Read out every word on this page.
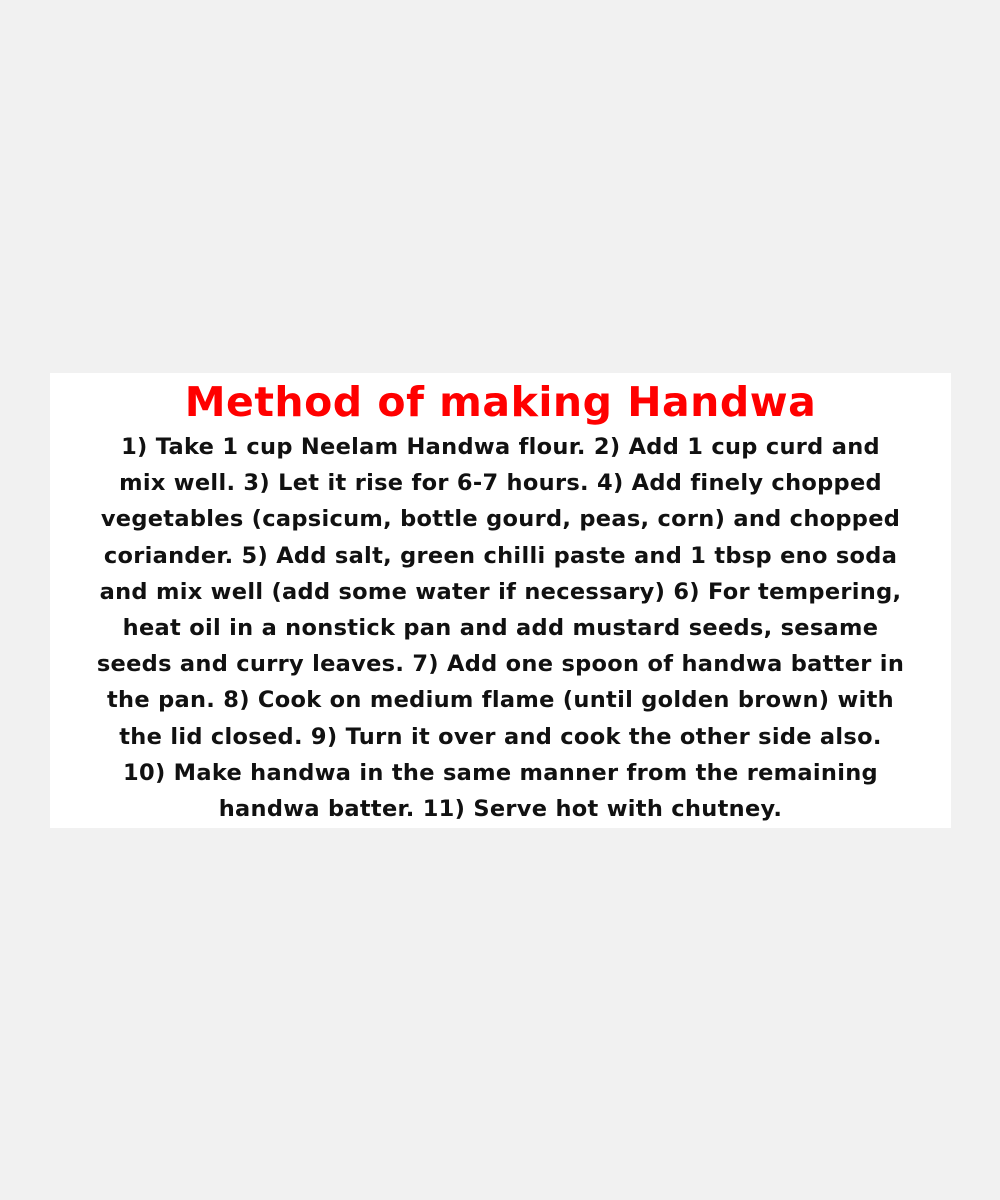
Method of making Handwa
1) Take 1 cup Neelam Handwa flour. 2) Add 1 cup curd and
mix well. 3) Let it rise for 6-7 hours. 4) Add finely chopped
vegetables (capsicum, bottle gourd, peas, corn) and chopped
coriander. 5) Add salt, green chilli paste and 1 tbsp eno soda
and mix well (add some water if necessary) 6) For tempering,
heat oil in a nonstick pan and add mustard seeds, sesame
seeds and curry leaves. 7) Add one spoon of handwa batter in
the pan. 8) Cook on medium flame (until golden brown) with
the lid closed. 9) Turn it over and cook the other side also.
10) Make handwa in the same manner from the remaining
handwa batter. 11) Serve hot with chutney.
